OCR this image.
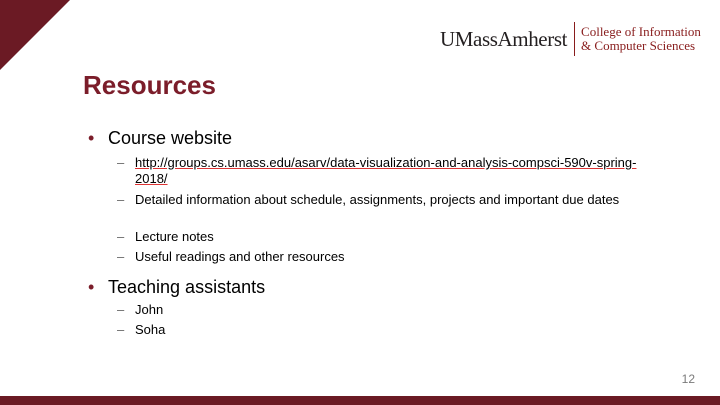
UMassAmherst College of Information
& Computer Sciences
Resources
• Course website
– http://groups.cs.umass.edu/asarv/data-visualization-and-analysis-compsci-590v-spring-2018/
– Detailed information about schedule, assignments, projects and important due dates
– Lecture notes
– Useful readings and other resources
• Teaching assistants
– John
– Soha
12
